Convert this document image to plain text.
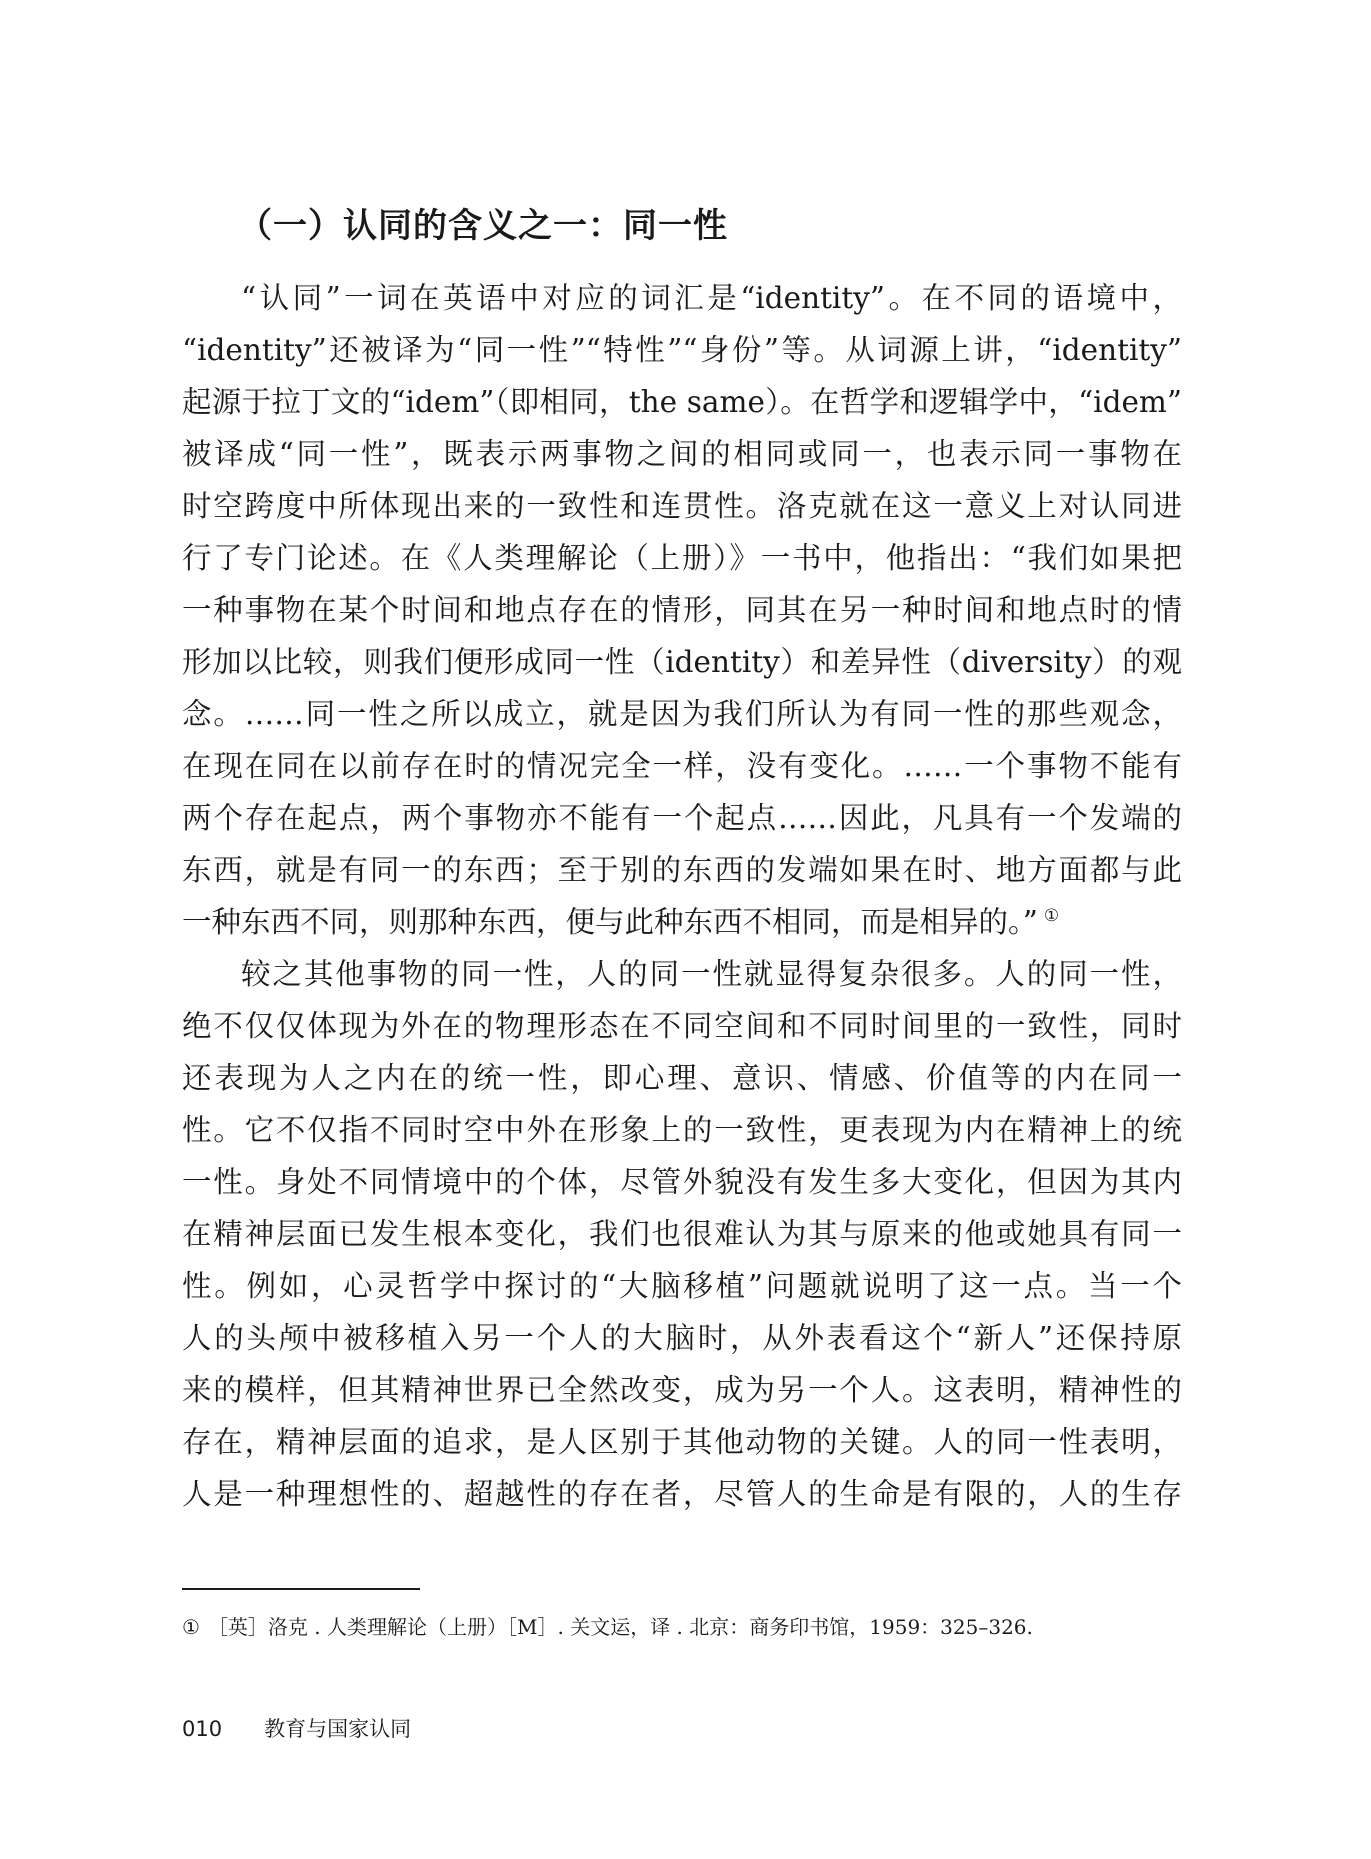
（一）认同的含义之一：同一性

“认同”一词在英语中对应的词汇是“identity”。在不同的语境中，
“identity”还被译为“同一性”“特性”“身份”等。从词源上讲，“identity”
起源于拉丁文的“idem”（即相同，the same）。在哲学和逻辑学中，“idem”
被译成“同一性”，既表示两事物之间的相同或同一，也表示同一事物在
时空跨度中所体现出来的一致性和连贯性。洛克就在这一意义上对认同进
行了专门论述。在《人类理解论（上册）》一书中，他指出：“我们如果把
一种事物在某个时间和地点存在的情形，同其在另一种时间和地点时的情
形加以比较，则我们便形成同一性（identity）和差异性（diversity）的观
念。……同一性之所以成立，就是因为我们所认为有同一性的那些观念，
在现在同在以前存在时的情况完全一样，没有变化。……一个事物不能有
两个存在起点，两个事物亦不能有一个起点……因此，凡具有一个发端的
东西，就是有同一的东西；至于别的东西的发端如果在时、地方面都与此
一种东西不同，则那种东西，便与此种东西不相同，而是相异的。” ①

较之其他事物的同一性，人的同一性就显得复杂很多。人的同一性，
绝不仅仅体现为外在的物理形态在不同空间和不同时间里的一致性，同时
还表现为人之内在的统一性，即心理、意识、情感、价值等的内在同一
性。它不仅指不同时空中外在形象上的一致性，更表现为内在精神上的统
一性。身处不同情境中的个体，尽管外貌没有发生多大变化，但因为其内
在精神层面已发生根本变化，我们也很难认为其与原来的他或她具有同一
性。例如，心灵哲学中探讨的“大脑移植”问题就说明了这一点。当一个
人的头颅中被移植入另一个人的大脑时，从外表看这个“新人”还保持原
来的模样，但其精神世界已全然改变，成为另一个人。这表明，精神性的
存在，精神层面的追求，是人区别于其他动物的关键。人的同一性表明，
人是一种理想性的、超越性的存在者，尽管人的生命是有限的，人的生存

① ［英］洛克 . 人类理解论（上册）［M］. 关文运，译 . 北京：商务印书馆，1959：325–326.

010 教育与国家认同
